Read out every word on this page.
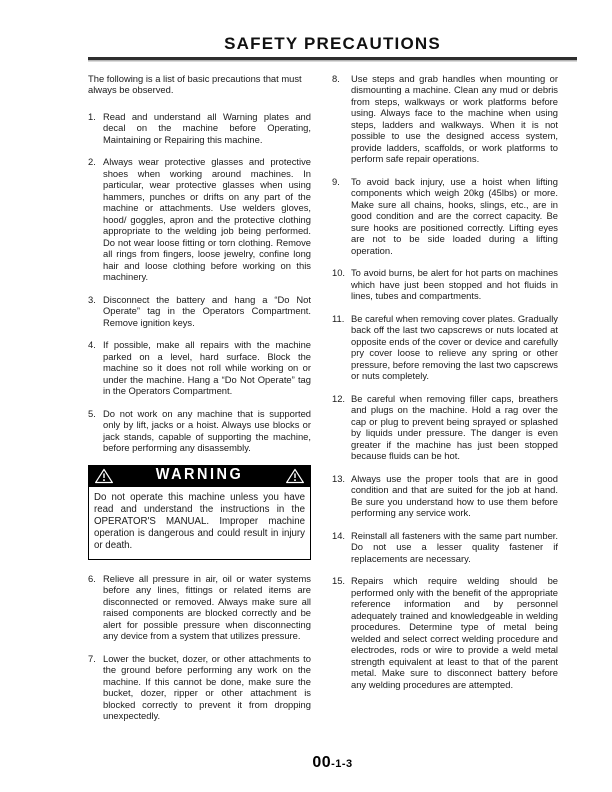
SAFETY PRECAUTIONS

The following is a list of basic precautions that must always be observed.

1. Read and understand all Warning plates and decal on the machine before Operating, Maintaining or Repairing this machine.
2. Always wear protective glasses and protective shoes when working around machines. In particular, wear protective glasses when using hammers, punches or drifts on any part of the machine or attachments. Use welders gloves, hood/ goggles, apron and the protective clothing appropriate to the welding job being performed. Do not wear loose fitting or torn clothing. Remove all rings from fingers, loose jewelry, confine long hair and loose clothing before working on this machinery.
3. Disconnect the battery and hang a “Do Not Operate” tag in the Operators Compartment. Remove ignition keys.
4. If possible, make all repairs with the machine parked on a level, hard surface. Block the machine so it does not roll while working on or under the machine. Hang a “Do Not Operate” tag in the Operators Compartment.
5. Do not work on any machine that is supported only by lift, jacks or a hoist. Always use blocks or jack stands, capable of supporting the machine, before performing any disassembly.
WARNING

Do not operate this machine unless you have read and understand the instructions in the OPERATOR'S MANUAL. Improper machine operation is dangerous and could result in injury or death.

6. Relieve all pressure in air, oil or water systems before any lines, fittings or related items are disconnected or removed. Always make sure all raised components are blocked correctly and be alert for possible pressure when disconnecting any device from a system that utilizes pressure.
7. Lower the bucket, dozer, or other attachments to the ground before performing any work on the machine. If this cannot be done, make sure the bucket, dozer, ripper or other attachment is blocked correctly to prevent it from dropping unexpectedly.
8.	Use steps and grab handles when mounting or dismounting a machine. Clean any mud or debris from steps, walkways or work platforms before using. Always face to the machine when using steps, ladders and walkways. When it is not possible to use the designed access system, provide ladders, scaffolds, or work platforms to perform safe repair operations.
9.	To avoid back injury, use a hoist when lifting components which weigh 20kg (45lbs) or more. Make sure all chains, hooks, slings, etc., are in good condition and are the correct capacity. Be sure hooks are positioned correctly. Lifting eyes are not to be side loaded during a lifting operation.
10. To avoid burns, be alert for hot parts on machines which have just been stopped and hot fluids in lines, tubes and compartments.
11. Be careful when removing cover plates. Gradually back off the last two capscrews or nuts located at opposite ends of the cover or device and carefully pry cover loose to relieve any spring or other pressure, before removing the last two capscrews or nuts completely.
12. Be careful when removing filler caps, breathers and plugs on the machine. Hold a rag over the cap or plug to prevent being sprayed or splashed by liquids under pressure. The danger is even greater if the machine has just been stopped because fluids can be hot.
13. Always use the proper tools that are in good condition and that are suited for the job at hand. Be sure you understand how to use them before performing any service work.
14. Reinstall all fasteners with the same part number. Do not use a lesser quality fastener if replacements are necessary.
15. Repairs which require welding should be performed only with the benefit of the appropriate reference information and by personnel adequately trained and knowledgeable in welding procedures. Determine type of metal being welded and select correct welding procedure and electrodes, rods or wire to provide a weld metal strength equivalent at least to that of the parent metal. Make sure to disconnect battery before any welding procedures are attempted.
00-1-3
